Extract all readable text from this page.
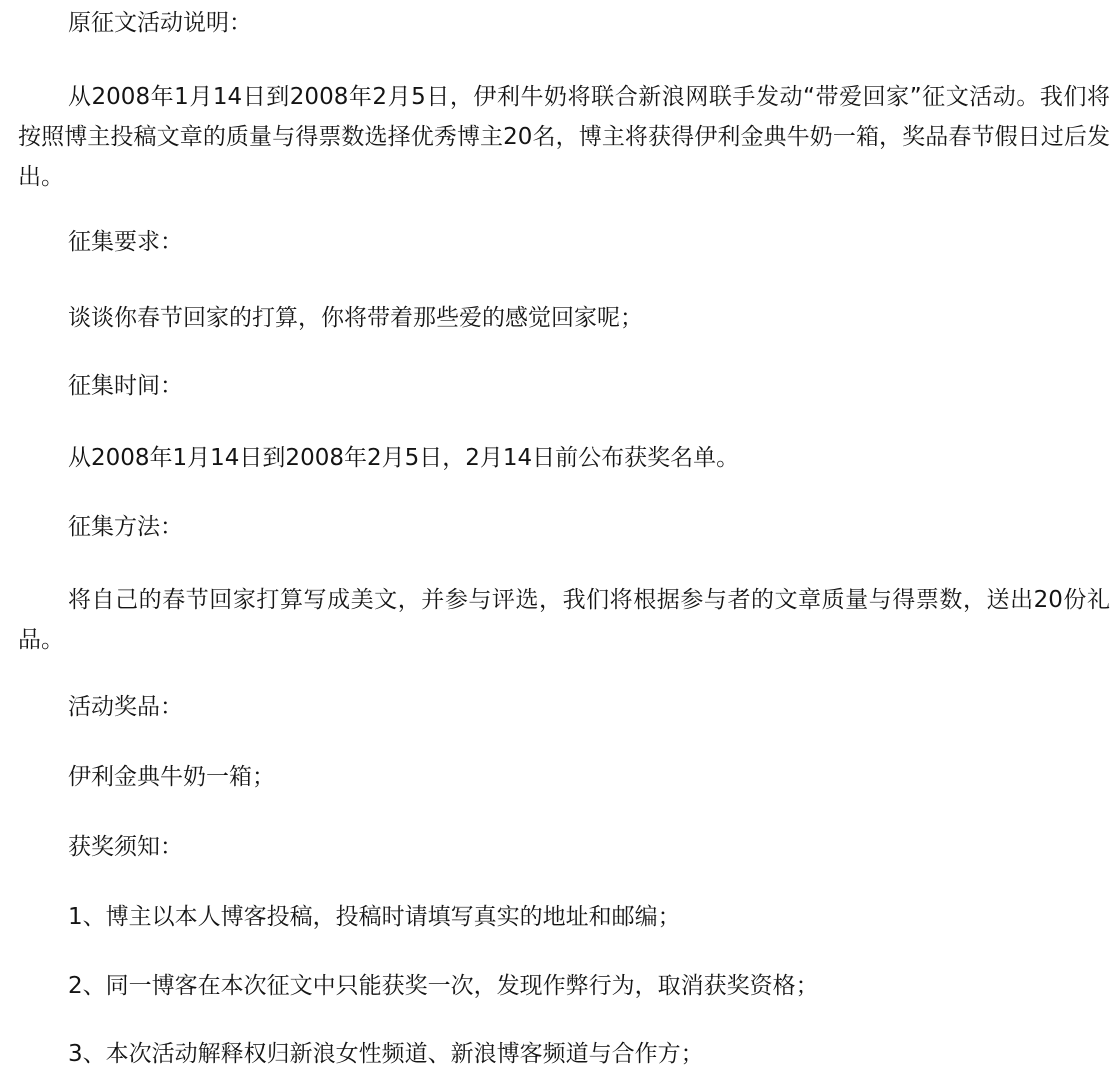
原征文活动说明：
从2008年1月14日到2008年2月5日，伊利牛奶将联合新浪网联手发动“带爱回家”征文活动。我们将按照博主投稿文章的质量与得票数选择优秀博主20名，博主将获得伊利金典牛奶一箱，奖品春节假日过后发出。
征集要求：
谈谈你春节回家的打算，你将带着那些爱的感觉回家呢；
征集时间：
从2008年1月14日到2008年2月5日，2月14日前公布获奖名单。
征集方法：
将自己的春节回家打算写成美文，并参与评选，我们将根据参与者的文章质量与得票数，送出20份礼品。
活动奖品：
伊利金典牛奶一箱；
获奖须知：
1、博主以本人博客投稿，投稿时请填写真实的地址和邮编；
2、同一博客在本次征文中只能获奖一次，发现作弊行为，取消获奖资格；
3、本次活动解释权归新浪女性频道、新浪博客频道与合作方；
